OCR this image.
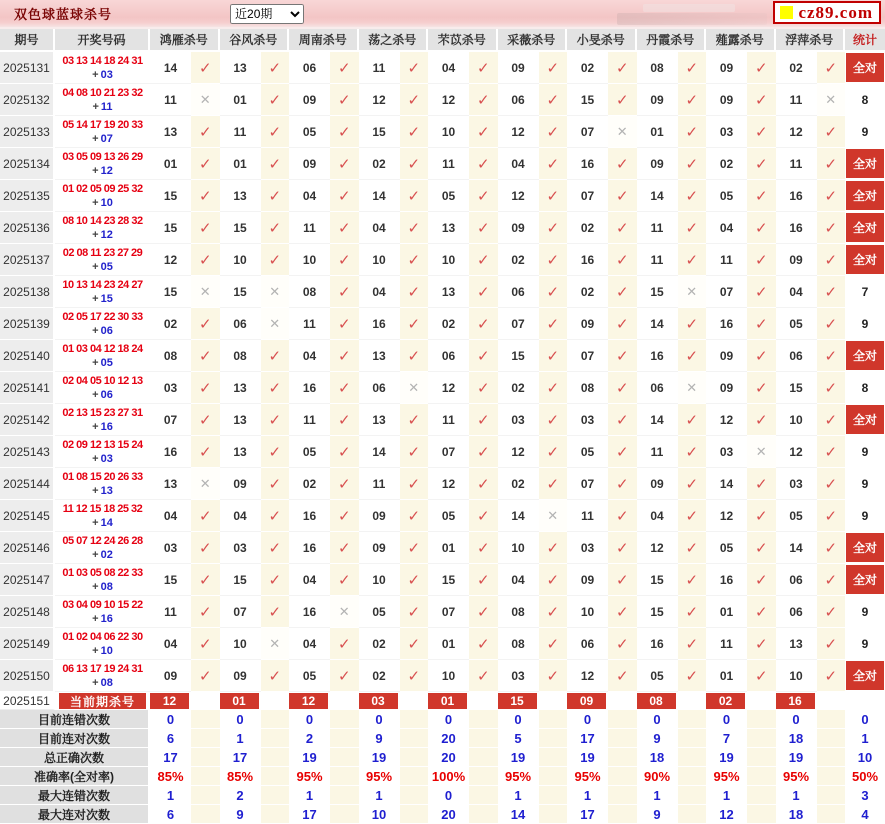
双色球蓝球杀号
近20期	cz89.com
期号	开奖号码	鸿雁杀号	谷风杀号	周南杀号	荡之杀号	芣苡杀号	采薇杀号	小旻杀号	丹霞杀号	薤露杀号	浮萍杀号	统计
2025131	03 13 14 18 24 31
+ 03	14	✓	13	✓	06	✓	11	✓	04	✓	09	✓	02	✓	08	✓	09	✓	02	✓	全对
2025132	04 08 10 21 23 32
+ 11	11	✕	01	✓	09	✓	12	✓	12	✓	06	✓	15	✓	09	✓	09	✓	11	✕	8
2025133	05 14 17 19 20 33
+ 07	13	✓	11	✓	05	✓	15	✓	10	✓	12	✓	07	✕	01	✓	03	✓	12	✓	9
2025134	03 05 09 13 26 29
+ 12	01	✓	01	✓	09	✓	02	✓	11	✓	04	✓	16	✓	09	✓	02	✓	11	✓	全对
2025135	01 02 05 09 25 32
+ 10	15	✓	13	✓	04	✓	14	✓	05	✓	12	✓	07	✓	14	✓	05	✓	16	✓	全对
2025136	08 10 14 23 28 32
+ 12	15	✓	15	✓	11	✓	04	✓	13	✓	09	✓	02	✓	11	✓	04	✓	16	✓	全对
2025137	02 08 11 23 27 29
+ 05	12	✓	10	✓	10	✓	10	✓	10	✓	02	✓	16	✓	11	✓	11	✓	09	✓	全对
2025138	10 13 14 23 24 27
+ 15	15	✕	15	✕	08	✓	04	✓	13	✓	06	✓	02	✓	15	✕	07	✓	04	✓	7
2025139	02 05 17 22 30 33
+ 06	02	✓	06	✕	11	✓	16	✓	02	✓	07	✓	09	✓	14	✓	16	✓	05	✓	9
2025140	01 03 04 12 18 24
+ 05	08	✓	08	✓	04	✓	13	✓	06	✓	15	✓	07	✓	16	✓	09	✓	06	✓	全对
2025141	02 04 05 10 12 13
+ 06	03	✓	13	✓	16	✓	06	✕	12	✓	02	✓	08	✓	06	✕	09	✓	15	✓	8
2025142	02 13 15 23 27 31
+ 16	07	✓	13	✓	11	✓	13	✓	11	✓	03	✓	03	✓	14	✓	12	✓	10	✓	全对
2025143	02 09 12 13 15 24
+ 03	16	✓	13	✓	05	✓	14	✓	07	✓	12	✓	05	✓	11	✓	03	✕	12	✓	9
2025144	01 08 15 20 26 33
+ 13	13	✕	09	✓	02	✓	11	✓	12	✓	02	✓	07	✓	09	✓	14	✓	03	✓	9
2025145	11 12 15 18 25 32
+ 14	04	✓	04	✓	16	✓	09	✓	05	✓	14	✕	11	✓	04	✓	12	✓	05	✓	9
2025146	05 07 12 24 26 28
+ 02	03	✓	03	✓	16	✓	09	✓	01	✓	10	✓	03	✓	12	✓	05	✓	14	✓	全对
2025147	01 03 05 08 22 33
+ 08	15	✓	15	✓	04	✓	10	✓	15	✓	04	✓	09	✓	15	✓	16	✓	06	✓	全对
2025148	03 04 09 10 15 22
+ 16	11	✓	07	✓	16	✕	05	✓	07	✓	08	✓	10	✓	15	✓	01	✓	06	✓	9
2025149	01 02 04 06 22 30
+ 10	04	✓	10	✕	04	✓	02	✓	01	✓	08	✓	06	✓	16	✓	11	✓	13	✓	9
2025150	06 13 17 19 24 31
+ 08	09	✓	09	✓	05	✓	02	✓	10	✓	03	✓	12	✓	05	✓	01	✓	10	✓	全对
2025151	当前期杀号	12	01	12	03	01	15	09	08	02	16
目前连错次数	0	0	0	0	0	0	0	0	0	0	0
目前连对次数	6	1	2	9	20	5	17	9	7	18	1
总正确次数	17	17	19	19	20	19	19	18	19	19	10
准确率(全对率)	85%	85%	95%	95%	100%	95%	95%	90%	95%	95%	50%
最大连错次数	1	2	1	1	0	1	1	1	1	1	3
最大连对次数	6	9	17	10	20	14	17	9	12	18	4
